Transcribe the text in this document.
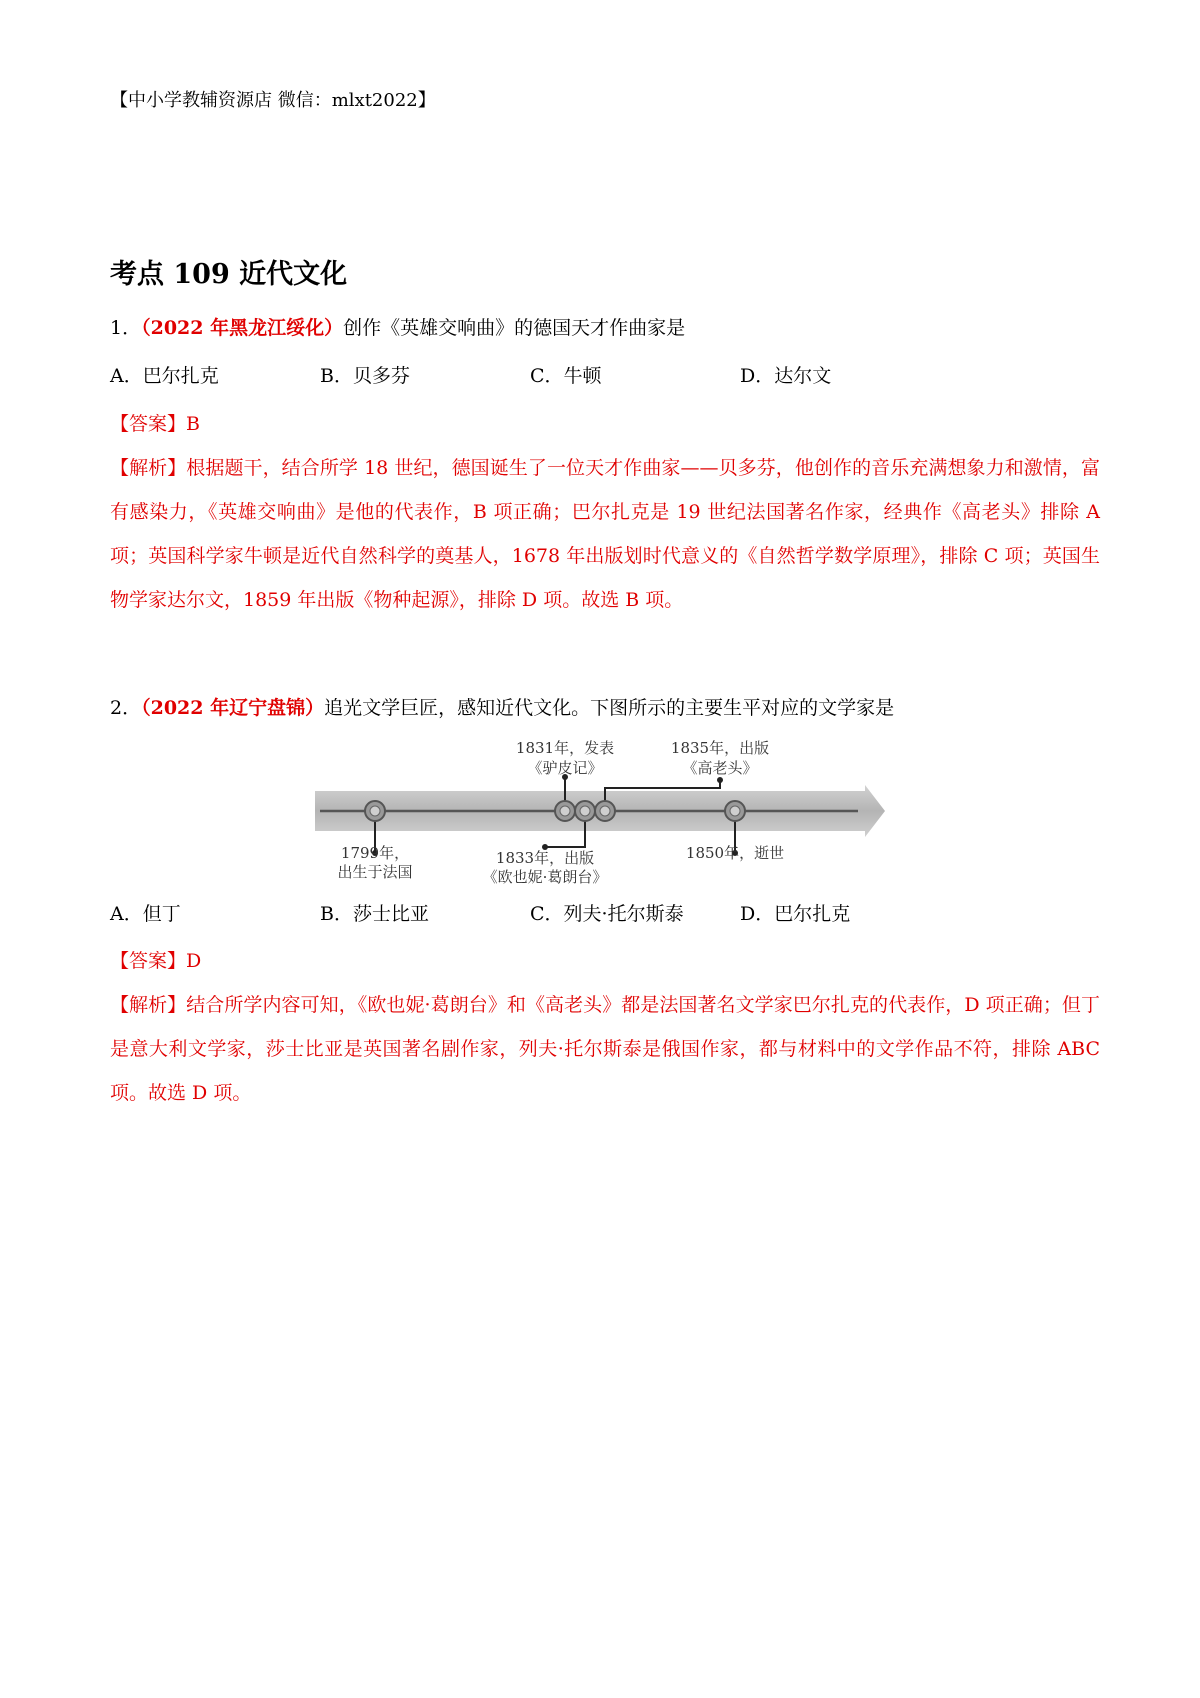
【中小学教辅资源店 微信：mlxt2022】
考点 109 近代文化
1．（2022 年黑龙江绥化）创作《英雄交响曲》的德国天才作曲家是
A．巴尔扎克	B．贝多芬	C．牛顿	D．达尔文
【答案】B
【解析】根据题干，结合所学 18 世纪，德国诞生了一位天才作曲家——贝多芬，他创作的音乐充满想象力和激情，富有感染力，《英雄交响曲》是他的代表作，B 项正确；巴尔扎克是 19 世纪法国著名作家，经典作《高老头》排除 A 项；英国科学家牛顿是近代自然科学的奠基人，1678 年出版划时代意义的《自然哲学数学原理》，排除 C 项；英国生物学家达尔文，1859 年出版《物种起源》，排除 D 项。故选 B 项。
2．（2022 年辽宁盘锦）追光文学巨匠，感知近代文化。下图所示的主要生平对应的文学家是
1799年，
出生于法国
1831年，发表
《驴皮记》
1833年，出版
《欧也妮·葛朗台》
1835年，出版
《高老头》
1850年，逝世
A．但丁	B．莎士比亚	C．列夫·托尔斯泰	D．巴尔扎克
【答案】D
【解析】结合所学内容可知，《欧也妮·葛朗台》和《高老头》都是法国著名文学家巴尔扎克的代表作，D 项正确；但丁是意大利文学家，莎士比亚是英国著名剧作家，列夫·托尔斯泰是俄国作家，都与材料中的文学作品不符，排除 ABC 项。故选 D 项。
